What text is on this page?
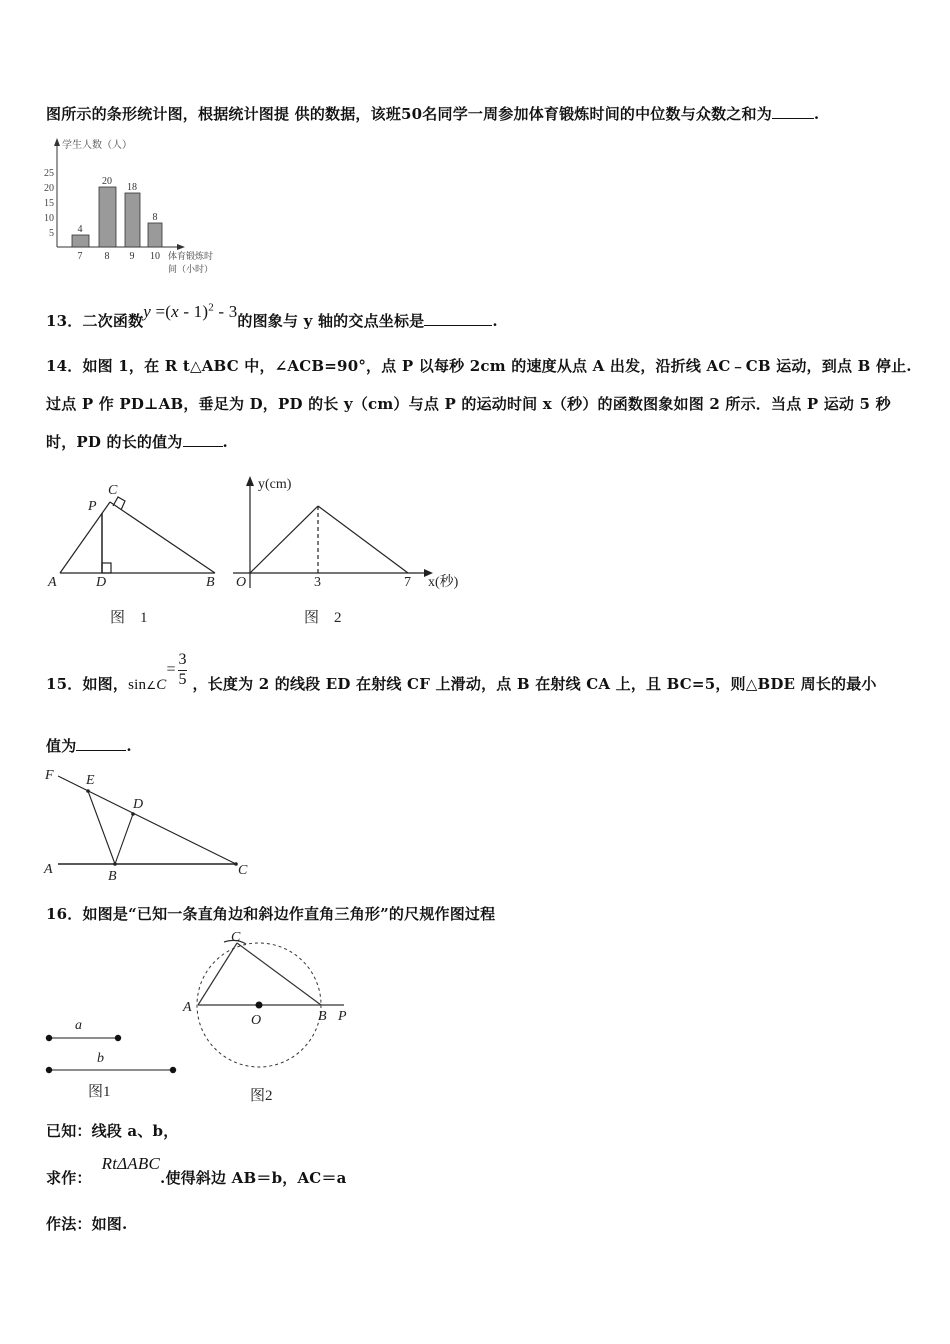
图所示的条形统计图，根据统计图提 供的数据，该班50名同学一周参加体育锻炼时间的中位数与众数之和为	.
学生人数（人）
5
10
15
20
25
4
20
18
8
7 8 9 10 体育锻炼时
间（小时）
13．二次函数y =(x - 1)$^2$ - 3的图象与 y 轴的交点坐标是	.
14．如图 1，在 R t△ABC 中，∠ACB=90°，点 P 以每秒 2cm 的速度从点 A 出发，沿折线 AC﹣CB 运动，到点 B 停止.
过点 P 作 PD⊥AB，垂足为 D，PD 的长 y（cm）与点 P 的运动时间 x（秒）的函数图象如图 2 所示．当点 P 运动 5 秒
时，PD 的长的值为	.
A	D	B
C
P
图　1
y(cm)
x(秒)
O	3	7
图　2
15．如图，sin∠C
=
3
5 ，长度为 2 的线段 ED 在射线 CF 上滑动，点 B 在射线 CA 上，且 BC=5，则△BDE 周长的最小
值为	.
F E
D
A	B	C
16．如图是“已知一条直角边和斜边作直角三角形”的尺规作图过程
a
b
图1
A
C
O	B P
图2
已知：线段 a、b，
求作：RtΔABC.使得斜边 AB＝b，AC＝a
作法：如图.
